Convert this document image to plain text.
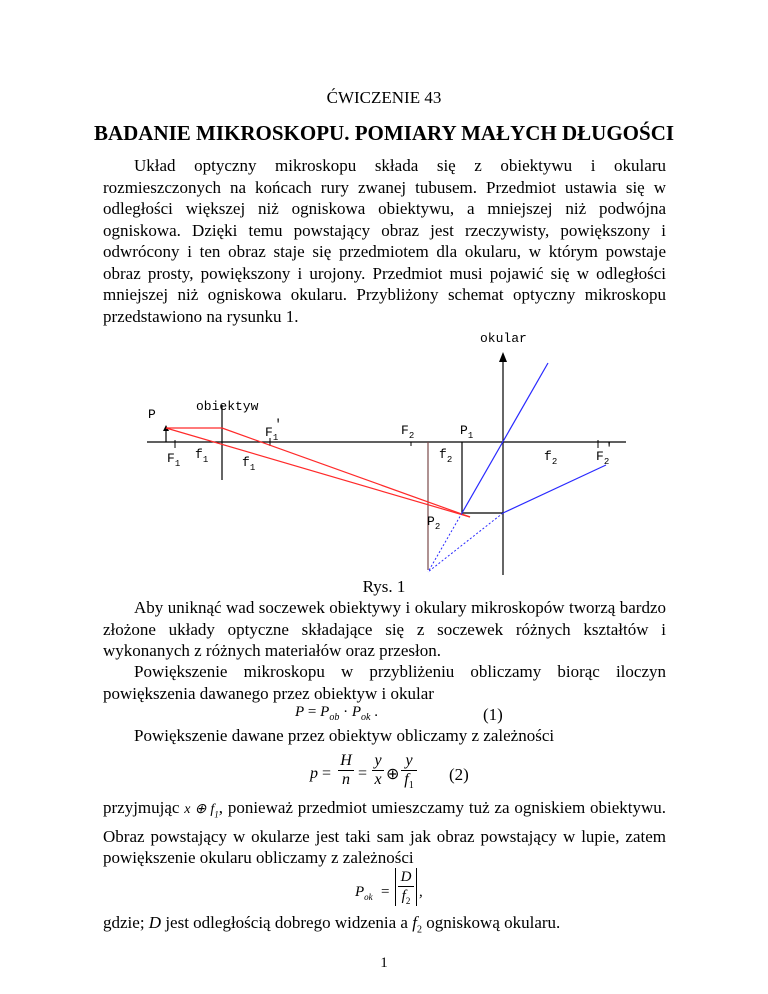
ĆWICZENIE 43
BADANIE MIKROSKOPU. POMIARY MAŁYCH DŁUGOŚCI

Układ optyczny mikroskopu składa się z obiektywu i okularu rozmieszczonych na końcach rury zwanej tubusem. Przedmiot ustawia się w odległości większej niż ogniskowa obiektywu, a mniejszej niż podwójna ogniskowa. Dzięki temu powstający obraz jest rzeczywisty, powiększony i odwrócony i ten obraz staje się przedmiotem dla okularu, w którym powstaje obraz prosty, powiększony i urojony. Przedmiot musi pojawić się w odległości mniejszej niż ogniskowa okularu. Przybliżony schemat optyczny mikroskopu przedstawiono na rysunku 1.

okular
obiektyw
P
$F_1'$	$F_2$	$P_1$
$F_1$
$f_1$	$f_1$
$f_2$	$f_2$	$F_2'$
$P_2$
Rys. 1

Aby uniknąć wad soczewek obiektywy i okulary mikroskopów tworzą bardzo złożone układy optyczne składające się z soczewek różnych kształtów i wykonanych z różnych materiałów oraz przesłon.

Powiększenie mikroskopu w przybliżeniu obliczamy biorąc iloczyn powiększenia dawanego przez obiektyw i okular

$P = P_{ob} \cdot P_{ok}$ .	(1)

Powiększenie dawane przez obiektyw obliczamy z zależności

p =
H
n =
y
x ⊕
y
$f_1$
(2)

przyjmując x ⊕ $f_1$, ponieważ przedmiot umieszczamy tuż za ogniskiem obiektywu. Obraz powstający w okularze jest taki sam jak obraz powstający w lupie, zatem powiększenie okularu obliczamy z zależności

$P_{ok}$ =
D
$f_2$
,
gdzie; D jest odległością dobrego widzenia a $f_2$ ogniskową okularu.
1
